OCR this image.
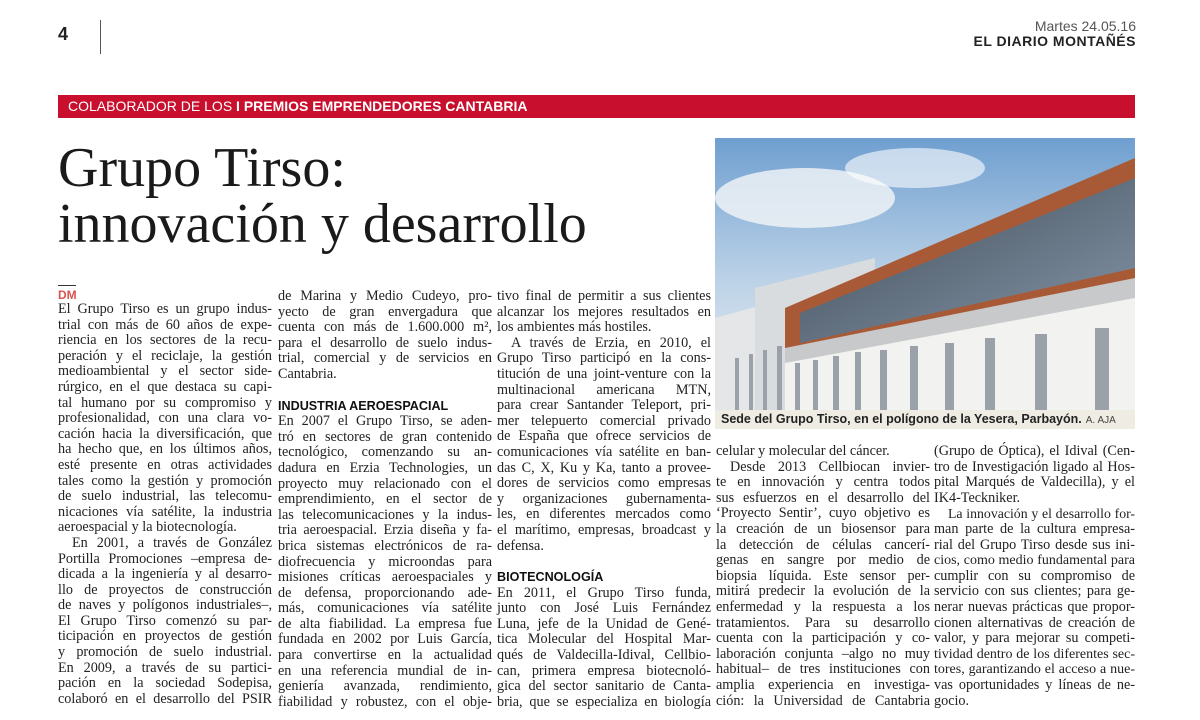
4	Martes 24.05.16
EL DIARIO MONTAÑÉS
COLABORADOR DE LOS I PREMIOS EMPRENDEDORES CANTABRIA
Grupo Tirso:
innovación y desarrollo
Sede del Grupo Tirso, en el polígono de la Yesera, Parbayón. A. AJA
DM
El Grupo Tirso es un grupo indus-
trial con más de 60 años de expe-
riencia en los sectores de la recu-
peración y el reciclaje, la gestión
medioambiental y el sector side-
rúrgico, en el que destaca su capi-
tal humano por su compromiso y
profesionalidad, con una clara vo-
cación hacia la diversificación, que
ha hecho que, en los últimos años,
esté presente en otras actividades
tales como la gestión y promoción
de suelo industrial, las telecomu-
nicaciones vía satélite, la industria
aeroespacial y la biotecnología.
En 2001, a través de González
Portilla Promociones –empresa de-
dicada a la ingeniería y al desarro-
llo de proyectos de construcción
de naves y polígonos industriales–,
El Grupo Tirso comenzó su par-
ticipación en proyectos de gestión
y promoción de suelo industrial.
En 2009, a través de su partici-
pación en la sociedad Sodepisa,
colaboró en el desarrollo del PSIR
de Marina y Medio Cudeyo, pro-
yecto de gran envergadura que
cuenta con más de 1.600.000 m²,
para el desarrollo de suelo indus-
trial, comercial y de servicios en
Cantabria.
INDUSTRIA AEROESPACIAL
En 2007 el Grupo Tirso, se aden-
tró en sectores de gran contenido
tecnológico, comenzando su an-
dadura en Erzia Technologies, un
proyecto muy relacionado con el
emprendimiento, en el sector de
las telecomunicaciones y la indus-
tria aeroespacial. Erzia diseña y fa-
brica sistemas electrónicos de ra-
diofrecuencia y microondas para
misiones críticas aeroespaciales y
de defensa, proporcionando ade-
más, comunicaciones vía satélite
de alta fiabilidad. La empresa fue
fundada en 2002 por Luis García,
para convertirse en la actualidad
en una referencia mundial de in-
geniería avanzada, rendimiento,
fiabilidad y robustez, con el obje-
tivo final de permitir a sus clientes
alcanzar los mejores resultados en
los ambientes más hostiles.
A través de Erzia, en 2010, el
Grupo Tirso participó en la cons-
titución de una joint-venture con la
multinacional americana MTN,
para crear Santander Teleport, pri-
mer telepuerto comercial privado
de España que ofrece servicios de
comunicaciones vía satélite en ban-
das C, X, Ku y Ka, tanto a provee-
dores de servicios como empresas
y organizaciones gubernamenta-
les, en diferentes mercados como
el marítimo, empresas, broadcast y
defensa.
BIOTECNOLOGÍA
En 2011, el Grupo Tirso funda,
junto con José Luis Fernández
Luna, jefe de la Unidad de Gené-
tica Molecular del Hospital Mar-
qués de Valdecilla-Idival, Cellbio-
can, primera empresa biotecnoló-
gica del sector sanitario de Canta-
bria, que se especializa en biología
celular y molecular del cáncer.
Desde 2013 Cellbiocan invier-
te en innovación y centra todos
sus esfuerzos en el desarrollo del
‘Proyecto Sentir’, cuyo objetivo es
la creación de un biosensor para
la detección de células cancerí-
genas en sangre por medio de
biopsia líquida. Este sensor per-
mitirá predecir la evolución de la
enfermedad y la respuesta a los
tratamientos. Para su desarrollo
cuenta con la participación y co-
laboración conjunta –algo no muy
habitual– de tres instituciones con
amplia experiencia en investiga-
ción: la Universidad de Cantabria
(Grupo de Óptica), el Idival (Cen-
tro de Investigación ligado al Hos-
pital Marqués de Valdecilla), y el
IK4-Teckniker.
La innovación y el desarrollo for-
man parte de la cultura empresa-
rial del Grupo Tirso desde sus ini-
cios, como medio fundamental para
cumplir con su compromiso de
servicio con sus clientes; para ge-
nerar nuevas prácticas que propor-
cionen alternativas de creación de
valor, y para mejorar su competi-
tividad dentro de los diferentes sec-
tores, garantizando el acceso a nue-
vas oportunidades y líneas de ne-
gocio.
